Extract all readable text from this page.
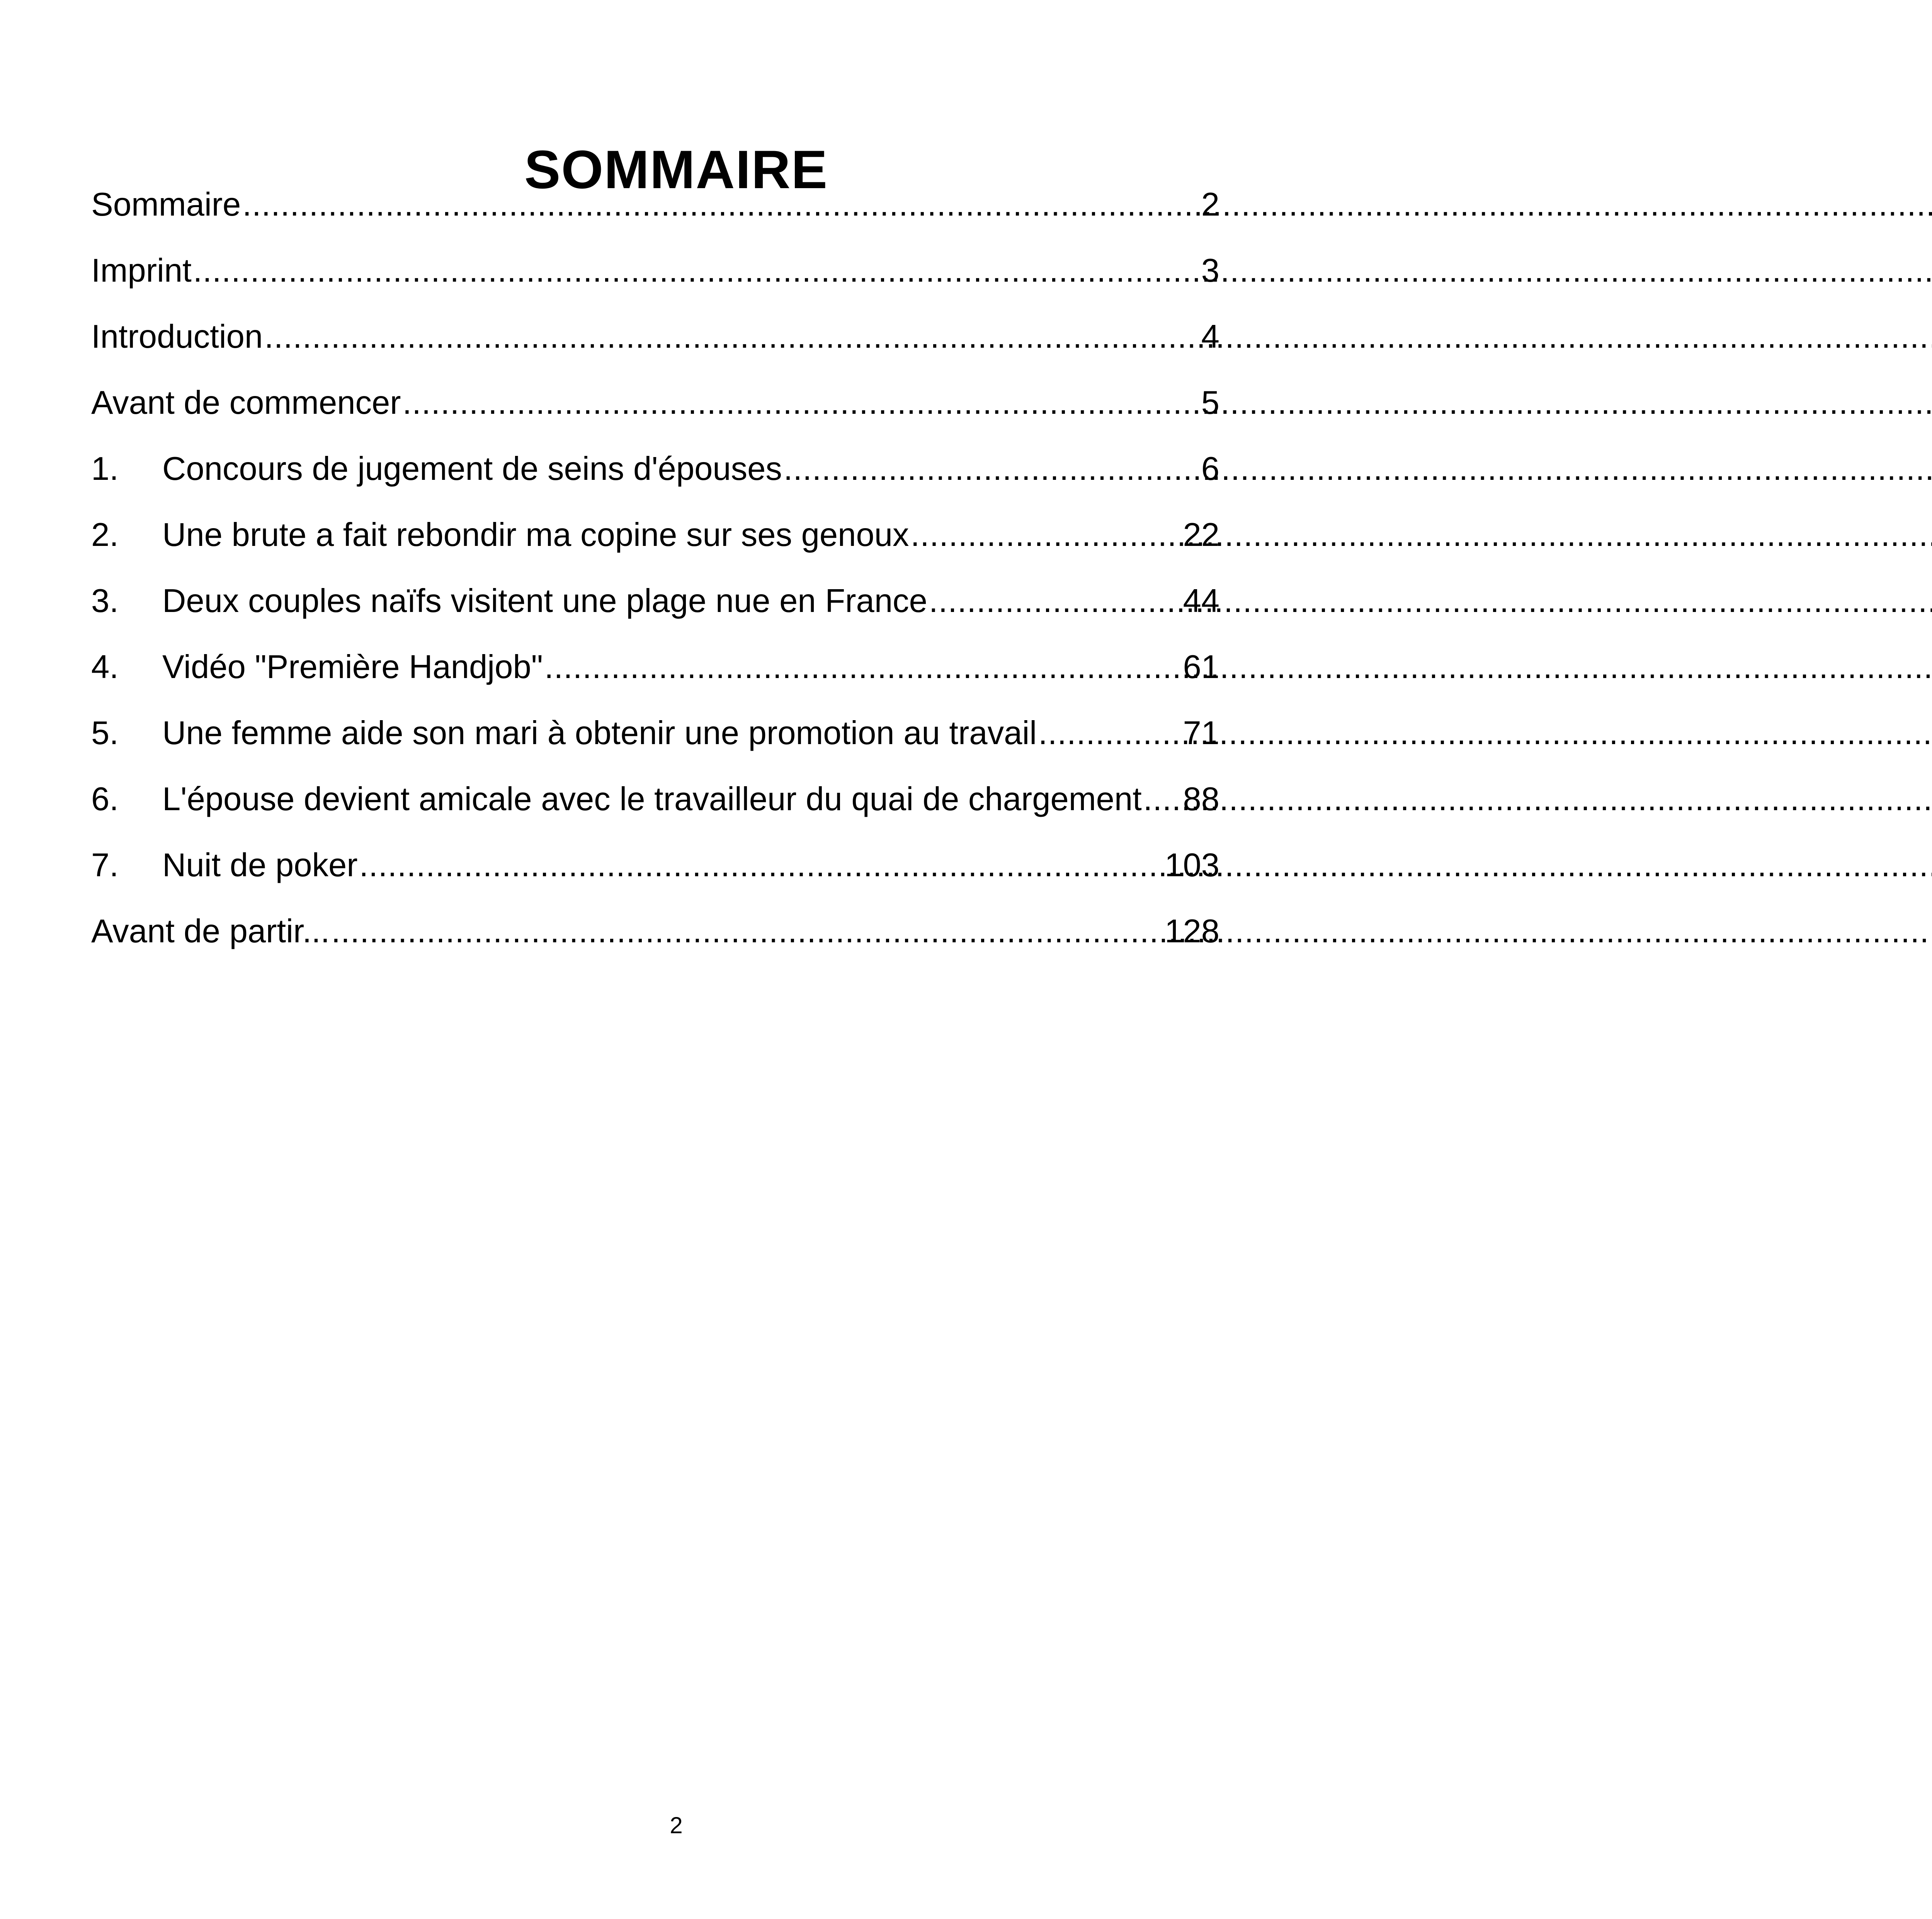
SOMMAIRE
Sommaire .....	2
Imprint .....	3
Introduction .....	4
Avant de commencer .....	5
1.	Concours de jugement de seins d'épouses .....	6
2.	Une brute a fait rebondir ma copine sur ses genoux .....	22
3.	Deux couples naïfs visitent une plage nue en France .....	44
4.	Vidéo "Première Handjob" .....	61
5.	Une femme aide son mari à obtenir une promotion au travail .....	71
6.	L'épouse devient amicale avec le travailleur du quai de chargement ..... 88
7.	Nuit de poker .....	103
Avant de partir... .....	128
2
